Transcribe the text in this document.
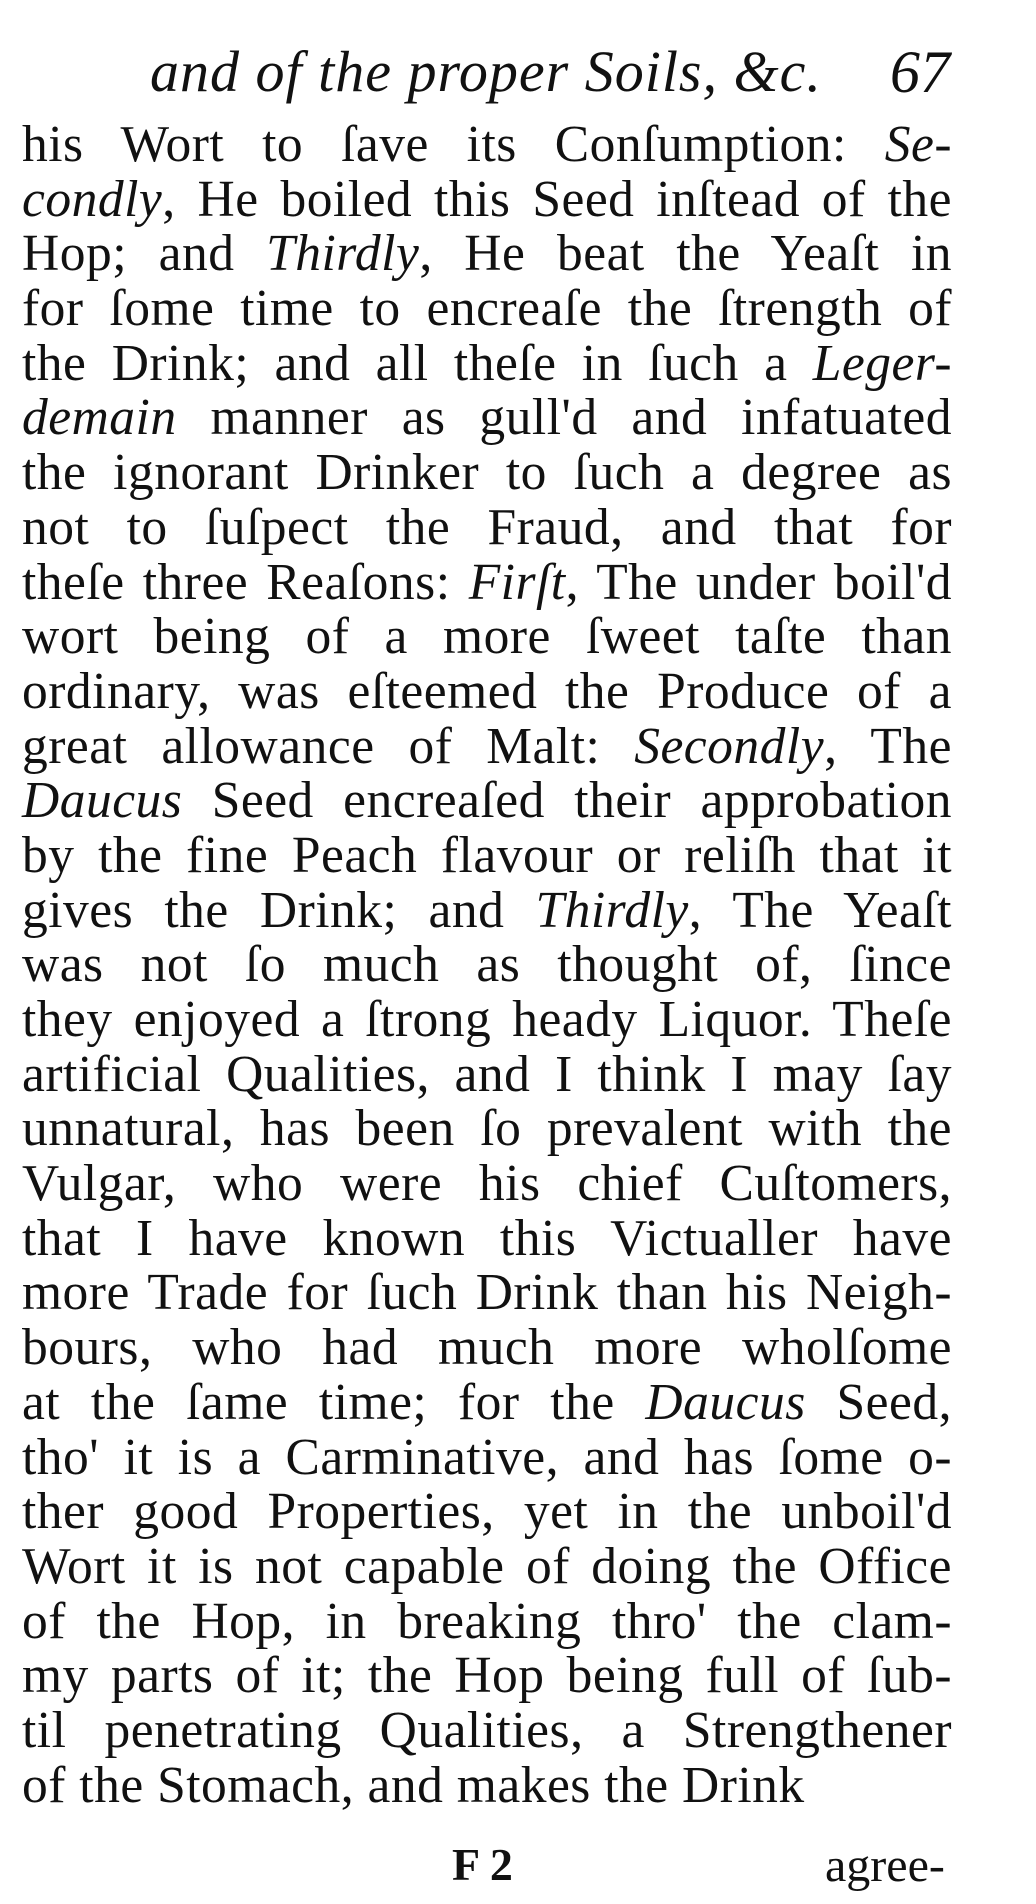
and of the proper Soils, &c. 67
his Wort to ſave its Conſumption: Se-
condly, He boiled this Seed inſtead of the
Hop; and Thirdly, He beat the Yeaſt in
for ſome time to encreaſe the ſtrength of
the Drink; and all theſe in ſuch a Leger-
demain manner as gull'd and infatuated
the ignorant Drinker to ſuch a degree as
not to ſuſpect the Fraud, and that for
theſe three Reaſons: Firſt, The under boil'd
wort being of a more ſweet taſte than
ordinary, was eſteemed the Produce of a
great allowance of Malt: Secondly, The
Daucus Seed encreaſed their approbation
by the fine Peach flavour or reliſh that it
gives the Drink; and Thirdly, The Yeaſt
was not ſo much as thought of, ſince
they enjoyed a ſtrong heady Liquor. Theſe
artificial Qualities, and I think I may ſay
unnatural, has been ſo prevalent with the
Vulgar, who were his chief Cuſtomers,
that I have known this Victualler have
more Trade for ſuch Drink than his Neigh-
bours, who had much more wholſome
at the ſame time; for the Daucus Seed,
tho' it is a Carminative, and has ſome o-
ther good Properties, yet in the unboil'd
Wort it is not capable of doing the Office
of the Hop, in breaking thro' the clam-
my parts of it; the Hop being full of ſub-
til penetrating Qualities, a Strengthener
of the Stomach, and makes the Drink
F 2	agree-
